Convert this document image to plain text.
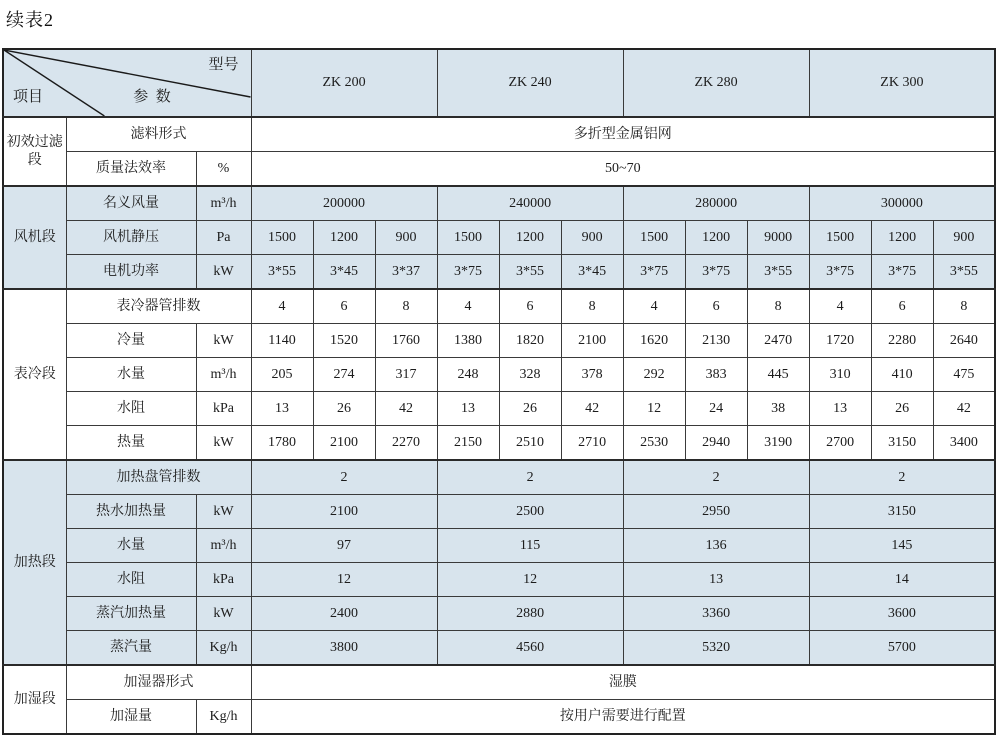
续表2
型号
参  数
项目			ZK 200			ZK 240			ZK 280			ZK 300		
初效过滤段	滤料形式		多折型金属铝网											
	质量法效率	%	50~70											
风机段	名义风量	m³/h	200000			240000			280000			300000		
	风机静压	Pa	1500	1200	900	1500	1200	900	1500	1200	9000	1500	1200	900
	电机功率	kW	3*55	3*45	3*37	3*75	3*55	3*45	3*75	3*75	3*55	3*75	3*75	3*55
表冷段	表冷器管排数		4	6	8	4	6	8	4	6	8	4	6	8
	冷量	kW	1140	1520	1760	1380	1820	2100	1620	2130	2470	1720	2280	2640
	水量	m³/h	205	274	317	248	328	378	292	383	445	310	410	475
	水阻	kPa	13	26	42	13	26	42	12	24	38	13	26	42
	热量	kW	1780	2100	2270	2150	2510	2710	2530	2940	3190	2700	3150	3400
加热段	加热盘管排数		2			2			2			2		
	热水加热量	kW	2100			2500			2950			3150		
	水量	m³/h	97			115			136			145		
	水阻	kPa	12			12			13			14		
	蒸汽加热量	kW	2400			2880			3360			3600		
	蒸汽量	Kg/h	3800			4560			5320			5700		
加湿段	加湿器形式		湿膜											
	加湿量	Kg/h	按用户需要进行配置											
